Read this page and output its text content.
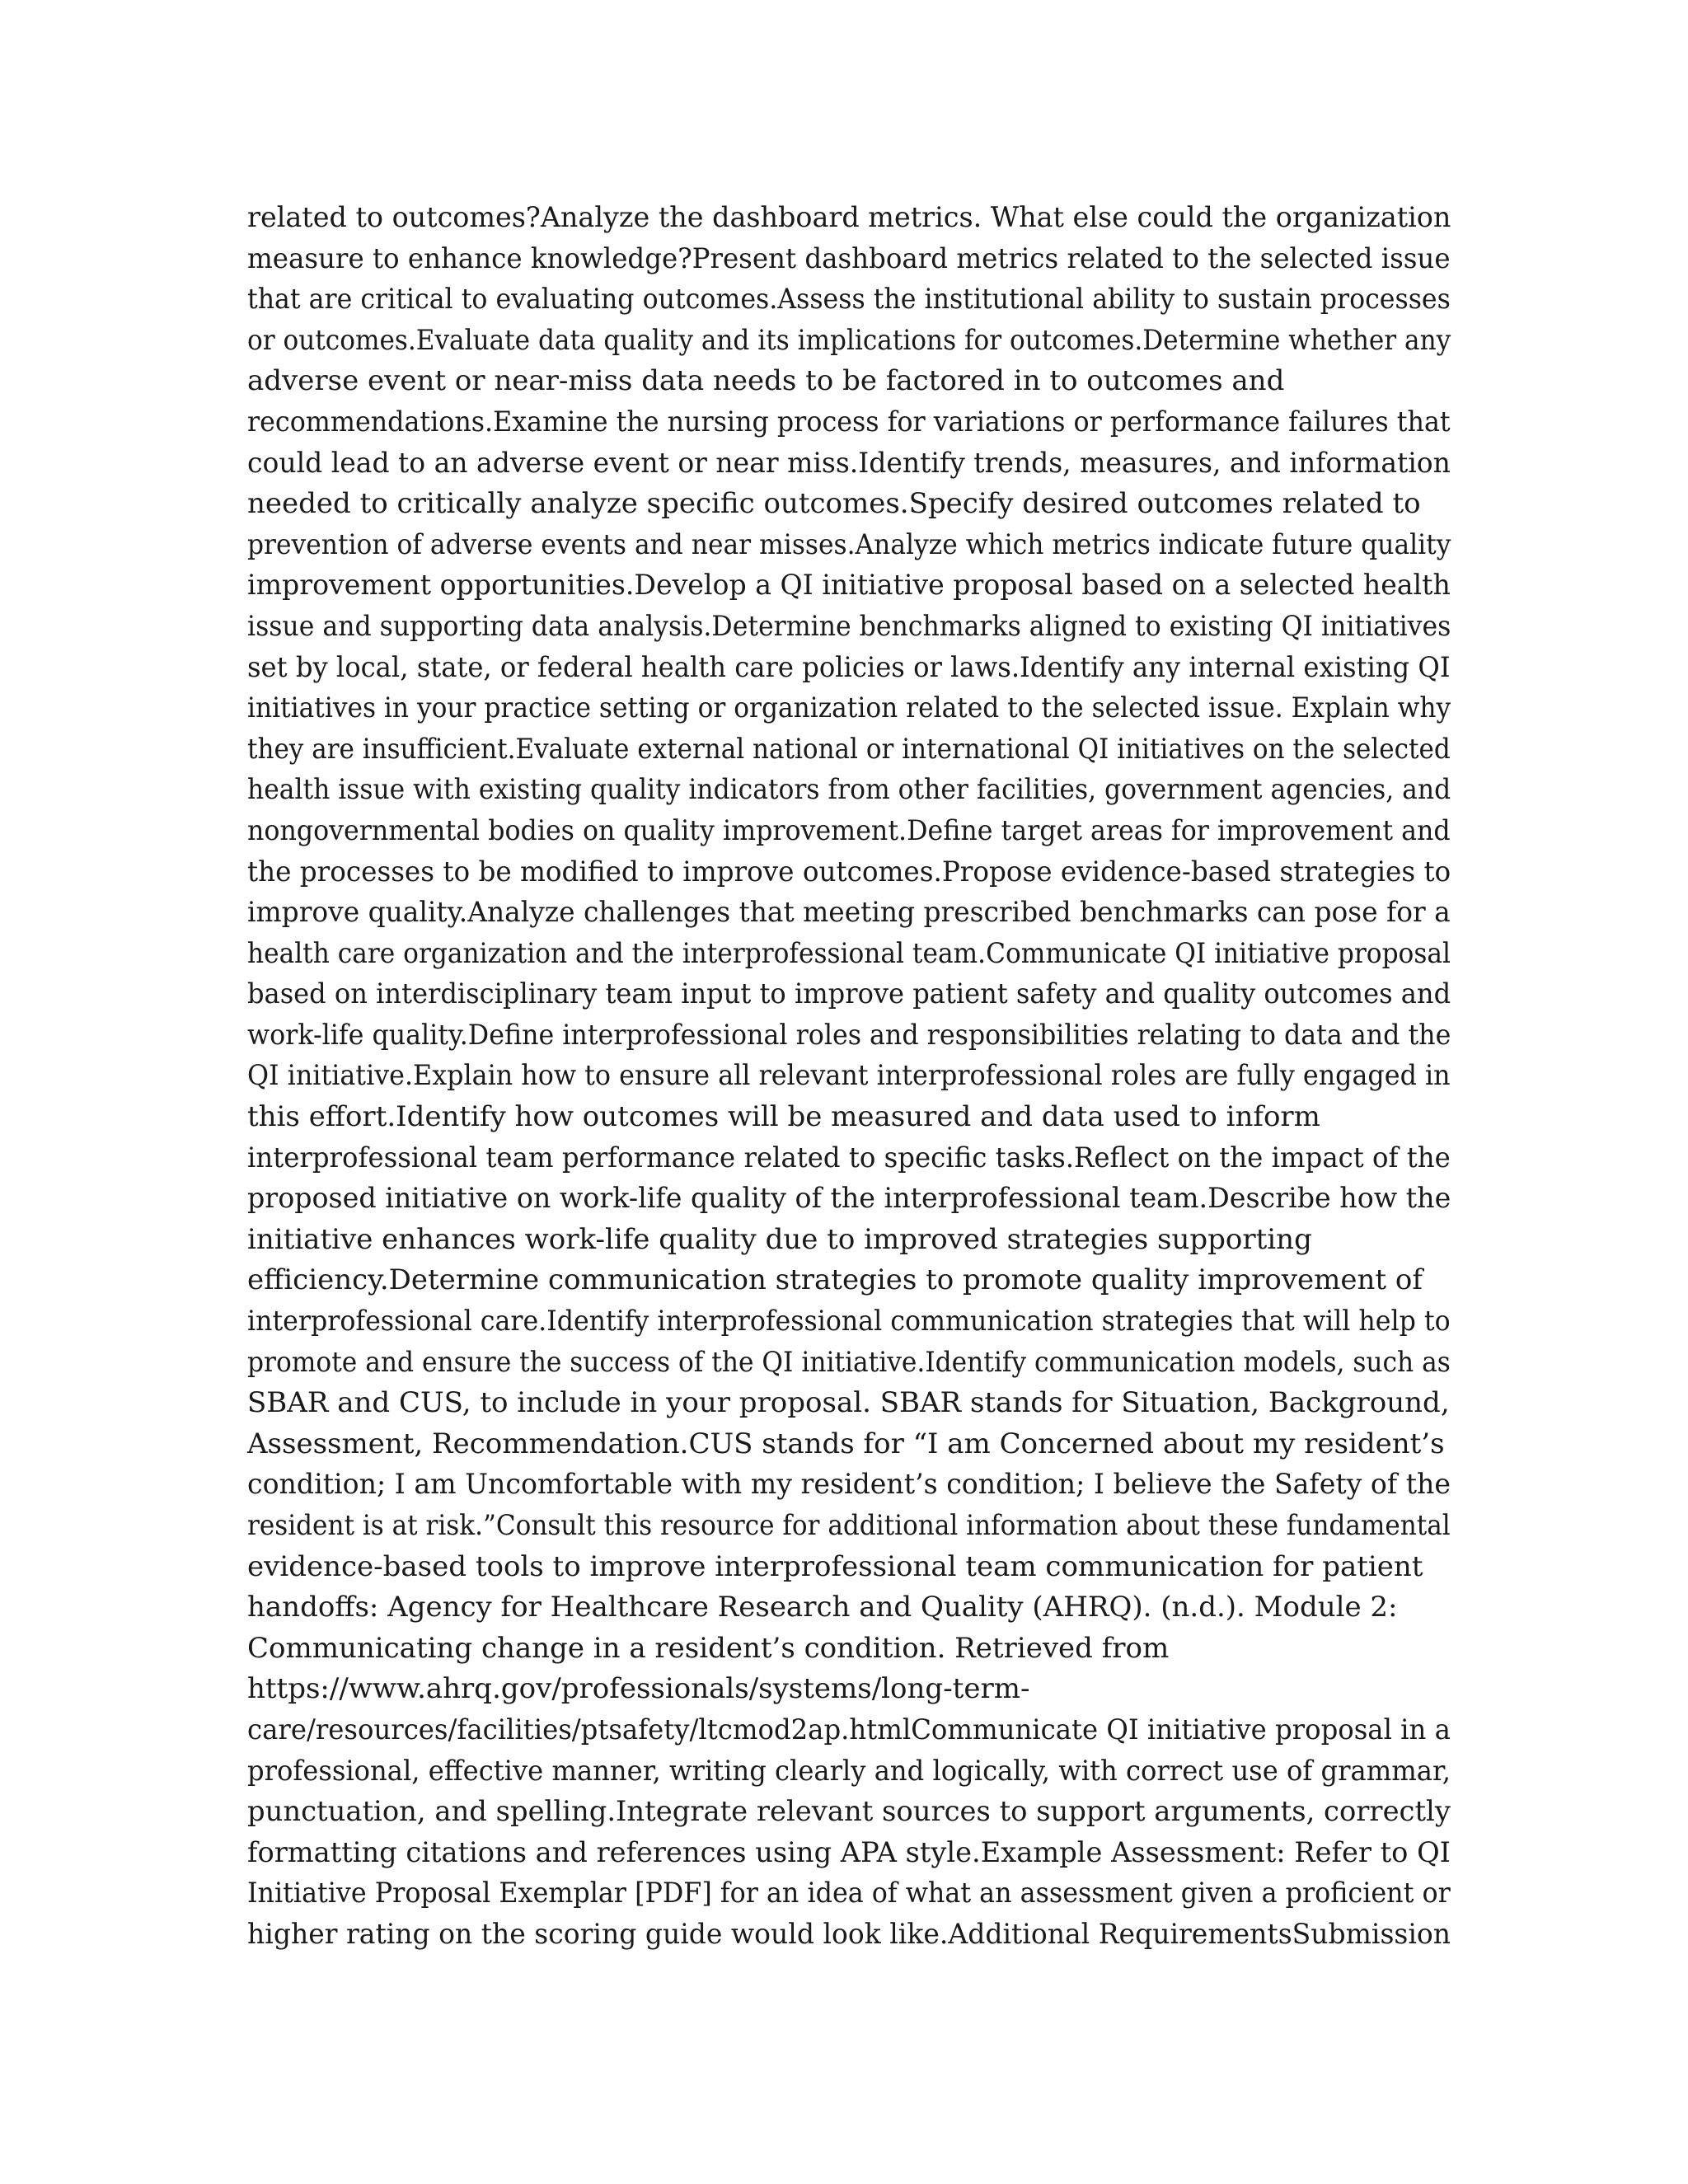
related to outcomes?Analyze the dashboard metrics. What else could the organization
measure to enhance knowledge?Present dashboard metrics related to the selected issue
that are critical to evaluating outcomes.Assess the institutional ability to sustain processes
or outcomes.Evaluate data quality and its implications for outcomes.Determine whether any
adverse event or near-miss data needs to be factored in to outcomes and
recommendations.Examine the nursing process for variations or performance failures that
could lead to an adverse event or near miss.Identify trends, measures, and information
needed to critically analyze specific outcomes.Specify desired outcomes related to
prevention of adverse events and near misses.Analyze which metrics indicate future quality
improvement opportunities.Develop a QI initiative proposal based on a selected health
issue and supporting data analysis.Determine benchmarks aligned to existing QI initiatives
set by local, state, or federal health care policies or laws.Identify any internal existing QI
initiatives in your practice setting or organization related to the selected issue. Explain why
they are insufficient.Evaluate external national or international QI initiatives on the selected
health issue with existing quality indicators from other facilities, government agencies, and
nongovernmental bodies on quality improvement.Define target areas for improvement and
the processes to be modified to improve outcomes.Propose evidence-based strategies to
improve quality.Analyze challenges that meeting prescribed benchmarks can pose for a
health care organization and the interprofessional team.Communicate QI initiative proposal
based on interdisciplinary team input to improve patient safety and quality outcomes and
work-life quality.Define interprofessional roles and responsibilities relating to data and the
QI initiative.Explain how to ensure all relevant interprofessional roles are fully engaged in
this effort.Identify how outcomes will be measured and data used to inform
interprofessional team performance related to specific tasks.Reflect on the impact of the
proposed initiative on work-life quality of the interprofessional team.Describe how the
initiative enhances work-life quality due to improved strategies supporting
efficiency.Determine communication strategies to promote quality improvement of
interprofessional care.Identify interprofessional communication strategies that will help to
promote and ensure the success of the QI initiative.Identify communication models, such as
SBAR and CUS, to include in your proposal. SBAR stands for Situation, Background,
Assessment, Recommendation.CUS stands for “I am Concerned about my resident’s
condition; I am Uncomfortable with my resident’s condition; I believe the Safety of the
resident is at risk.”Consult this resource for additional information about these fundamental
evidence-based tools to improve interprofessional team communication for patient
handoffs: Agency for Healthcare Research and Quality (AHRQ). (n.d.). Module 2:
Communicating change in a resident’s condition. Retrieved from
https://www.ahrq.gov/professionals/systems/long-term-
care/resources/facilities/ptsafety/ltcmod2ap.htmlCommunicate QI initiative proposal in a
professional, effective manner, writing clearly and logically, with correct use of grammar,
punctuation, and spelling.Integrate relevant sources to support arguments, correctly
formatting citations and references using APA style.Example Assessment: Refer to QI
Initiative Proposal Exemplar [PDF] for an idea of what an assessment given a proficient or
higher rating on the scoring guide would look like.Additional RequirementsSubmission
